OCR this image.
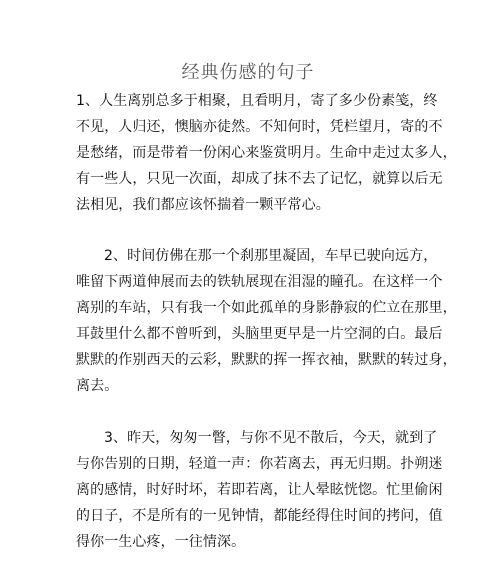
经典伤感的句子
1、人生离别总多于相聚，且看明月，寄了多少份素笺，终
不见，人归还，懊脑亦徒然。不知何时，凭栏望月，寄的不
是愁绪，而是带着一份闲心来鉴赏明月。生命中走过太多人，
有一些人，只见一次面，却成了抹不去了记忆，就算以后无
法相见，我们都应该怀揣着一颗平常心。
2、时间仿佛在那一个刹那里凝固，车早已驶向远方，
唯留下两道伸展而去的铁轨展现在泪湿的瞳孔。在这样一个
离别的车站，只有我一个如此孤单的身影静寂的伫立在那里，
耳鼓里什么都不曾听到，头脑里更早是一片空洞的白。最后
默默的作别西天的云彩，默默的挥一挥衣袖，默默的转过身，
离去。
3、昨天，匆匆一瞥，与你不见不散后，今天，就到了
与你告别的日期，轻道一声：你若离去，再无归期。扑朔迷
离的感情，时好时坏，若即若离，让人晕眩恍惚。忙里偷闲
的日子，不是所有的一见钟情，都能经得住时间的拷问，值
得你一生心疼，一往情深。
